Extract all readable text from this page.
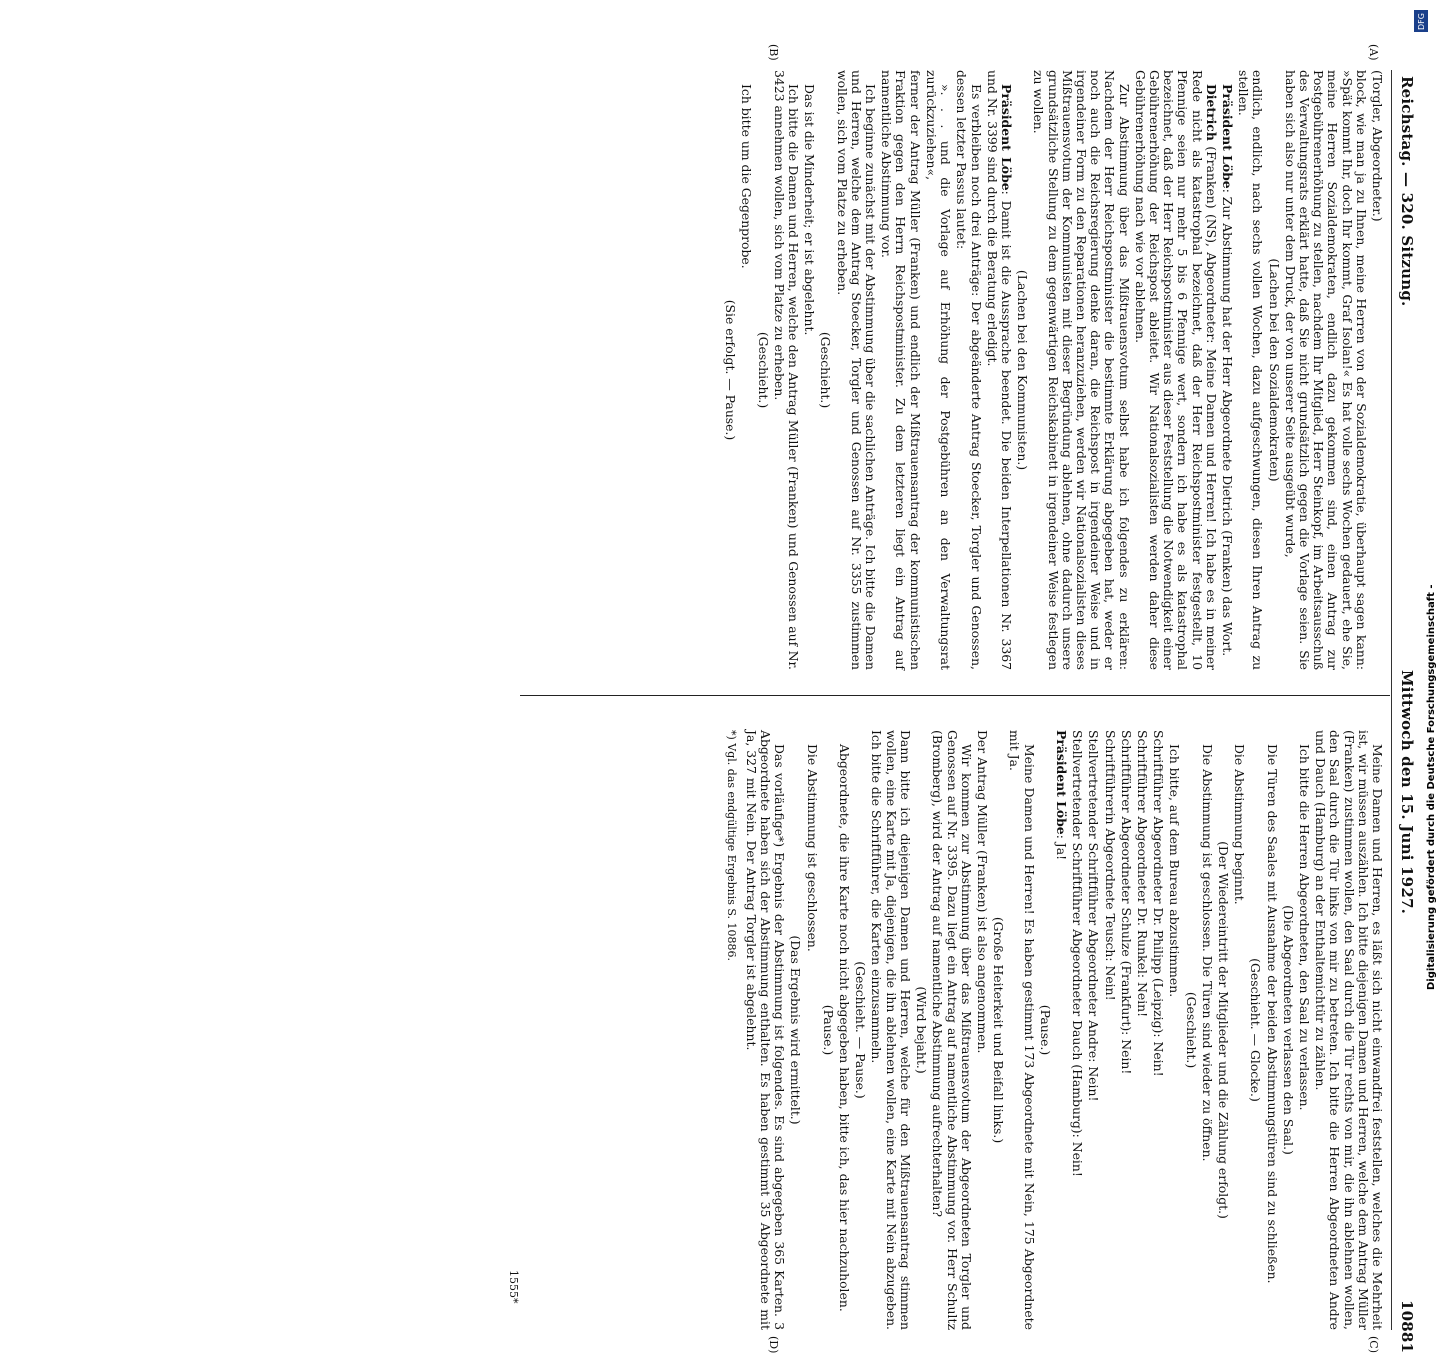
Reichstag. — 320. Sitzung.
Mittwoch den 15. Juni 1927.
10881
(A)
(B)
(C)
(D)

(Torgler, Abgeordneter.)

block, wie man ja zu Ihnen, meine Herren von der Sozialdemokratie, überhaupt sagen kann: »Spät kommt Ihr, doch Ihr kommt, Graf Isolan!« Es hat volle sechs Wochen gedauert, ehe Sie, meine Herren Sozialdemokraten, endlich dazu gekommen sind, einen Antrag zur Postgebührenerhöhung zu stellen, nachdem Ihr Mitglied, Herr Steinkopf, im Arbeitsausschuß des Verwaltungsrats erklärt hatte, daß Sie nicht grundsätzlich gegen die Vorlage seien. Sie haben sich also nur unter dem Druck, der von unserer Seite ausgeübt wurde,

(Lachen bei den Sozialdemokraten)

endlich, endlich, nach sechs vollen Wochen, dazu aufgeschwungen, diesen Ihren Antrag zu stellen.

Präsident Löbe: Zur Abstimmung hat der Herr Abgeordnete Dietrich (Franken) das Wort.

Dietrich (Franken) (NS), Abgeordneter: Meine Damen und Herren! Ich habe es in meiner Rede nicht als katastrophal bezeichnet, daß der Herr Reichspostminister festgestellt, 10 Pfennige seien nur mehr 5 bis 6 Pfennige wert, sondern ich habe es als katastrophal bezeichnet, daß der Herr Reichspostminister aus dieser Feststellung die Notwendigkeit einer Gebührenerhöhung der Reichspost ableitet. Wir Nationalsozialisten werden daher diese Gebührenerhöhung nach wie vor ablehnen.

Zur Abstimmung über das Mißtrauensvotum selbst habe ich folgendes zu erklären: Nachdem der Herr Reichspostminister die bestimmte Erklärung abgegeben hat, weder er noch auch die Reichsregierung denke daran, die Reichspost in irgendeiner Weise und in irgendeiner Form zu den Reparationen heranzuziehen, werden wir Nationalsozialisten dieses Mißtrauensvotum der Kommunisten mit dieser Begründung ablehnen, ohne dadurch unsere grundsätzliche Stellung zu dem gegenwärtigen Reichskabinett in irgendeiner Weise festlegen zu wollen.

(Lachen bei den Kommunisten.)

Präsident Löbe: Damit ist die Aussprache beendet. Die beiden Interpellationen Nr. 3367 und Nr. 3399 sind durch die Beratung erledigt.

Es verbleiben noch drei Anträge: Der abgeänderte Antrag Stoecker, Torgler und Genossen, dessen letzter Passus lautet:

». . . und die Vorlage auf Erhöhung der Postgebühren an den Verwaltungsrat zurückzuziehen«,

ferner der Antrag Müller (Franken) und endlich der Mißtrauensantrag der kommunistischen Fraktion gegen den Herrn Reichspostminister. Zu dem letzteren liegt ein Antrag auf namentliche Abstimmung vor.

Ich beginne zunächst mit der Abstimmung über die sachlichen Anträge. Ich bitte die Damen und Herren, welche dem Antrag Stoecker, Torgler und Genossen auf Nr. 3355 zustimmen wollen, sich vom Platze zu erheben.

(Geschieht.)

Das ist die Minderheit; er ist abgelehnt.

Ich bitte die Damen und Herren, welche den Antrag Müller (Franken) und Genossen auf Nr. 3423 annehmen wollen, sich vom Platze zu erheben.

(Geschieht.)

Ich bitte um die Gegenprobe.

(Sie erfolgt. — Pause.)

Meine Damen und Herren, es läßt sich nicht einwandfrei feststellen, welches die Mehrheit ist, wir müssen auszählen. Ich bitte diejenigen Damen und Herren, welche dem Antrag Müller (Franken) zustimmen wollen, den Saal durch die Tür rechts von mir, die ihn ablehnen wollen, den Saal durch die Tür links von mir zu betreten. Ich bitte die Herren Abgeordneten Andre und Dauch (Hamburg) an der Enthaltemichtür zu zählen.

Ich bitte die Herren Abgeordneten, den Saal zu verlassen.

(Die Abgeordneten verlassen den Saal.)

Die Türen des Saales mit Ausnahme der beiden Abstimmungstüren sind zu schließen.

(Geschieht. — Glocke.)

Die Abstimmung beginnt.

(Der Wiedereintritt der Mitglieder und die Zählung erfolgt.)

Die Abstimmung ist geschlossen. Die Türen sind wieder zu öffnen.

(Geschieht.)

Ich bitte, auf dem Bureau abzustimmen.

Schriftführer Abgeordneter Dr. Philipp (Leipzig): Nein!

Schriftführer Abgeordneter Dr. Runkel: Nein!

Schriftführer Abgeordneter Schulze (Frankfurt): Nein!

Schriftführerin Abgeordnete Teusch: Nein!

Stellvertretender Schriftführer Abgeordneter Andre: Nein!

Stellvertretender Schriftführer Abgeordneter Dauch (Hamburg): Nein!

Präsident Löbe: Ja!

(Pause.)

Meine Damen und Herren! Es haben gestimmt 173 Abgeordnete mit Nein, 175 Abgeordnete mit Ja.

(Große Heiterkeit und Beifall links.)

Der Antrag Müller (Franken) ist also angenommen.

Wir kommen zur Abstimmung über das Mißtrauensvotum der Abgeordneten Torgler und Genossen auf Nr. 3395. Dazu liegt ein Antrag auf namentliche Abstimmung vor. Herr Schultz (Bromberg), wird der Antrag auf namentliche Abstimmung aufrechterhalten?

(Wird bejaht.)

Dann bitte ich diejenigen Damen und Herren, welche für den Mißtrauensantrag stimmen wollen, eine Karte mit Ja, diejenigen, die ihn ablehnen wollen, eine Karte mit Nein abzugeben. Ich bitte die Schriftführer, die Karten einzusammeln.

(Geschieht. — Pause.)

Abgeordnete, die ihre Karte noch nicht abgegeben haben, bitte ich, das hier nachzuholen.

(Pause.)

Die Abstimmung ist geschlossen.

(Das Ergebnis wird ermittelt.)

Das vorläufige*) Ergebnis der Abstimmung ist folgendes. Es sind abgegeben 365 Karten. 3 Abgeordnete haben sich der Abstimmung enthalten. Es haben gestimmt 35 Abgeordnete mit Ja, 327 mit Nein. Der Antrag Torgler ist abgelehnt.

*) Vgl. das endgültige Ergebnis S. 10886.

1555*
DFG
Digitalisierung gefördert durch die Deutsche Forschungsgemeinschaft -
